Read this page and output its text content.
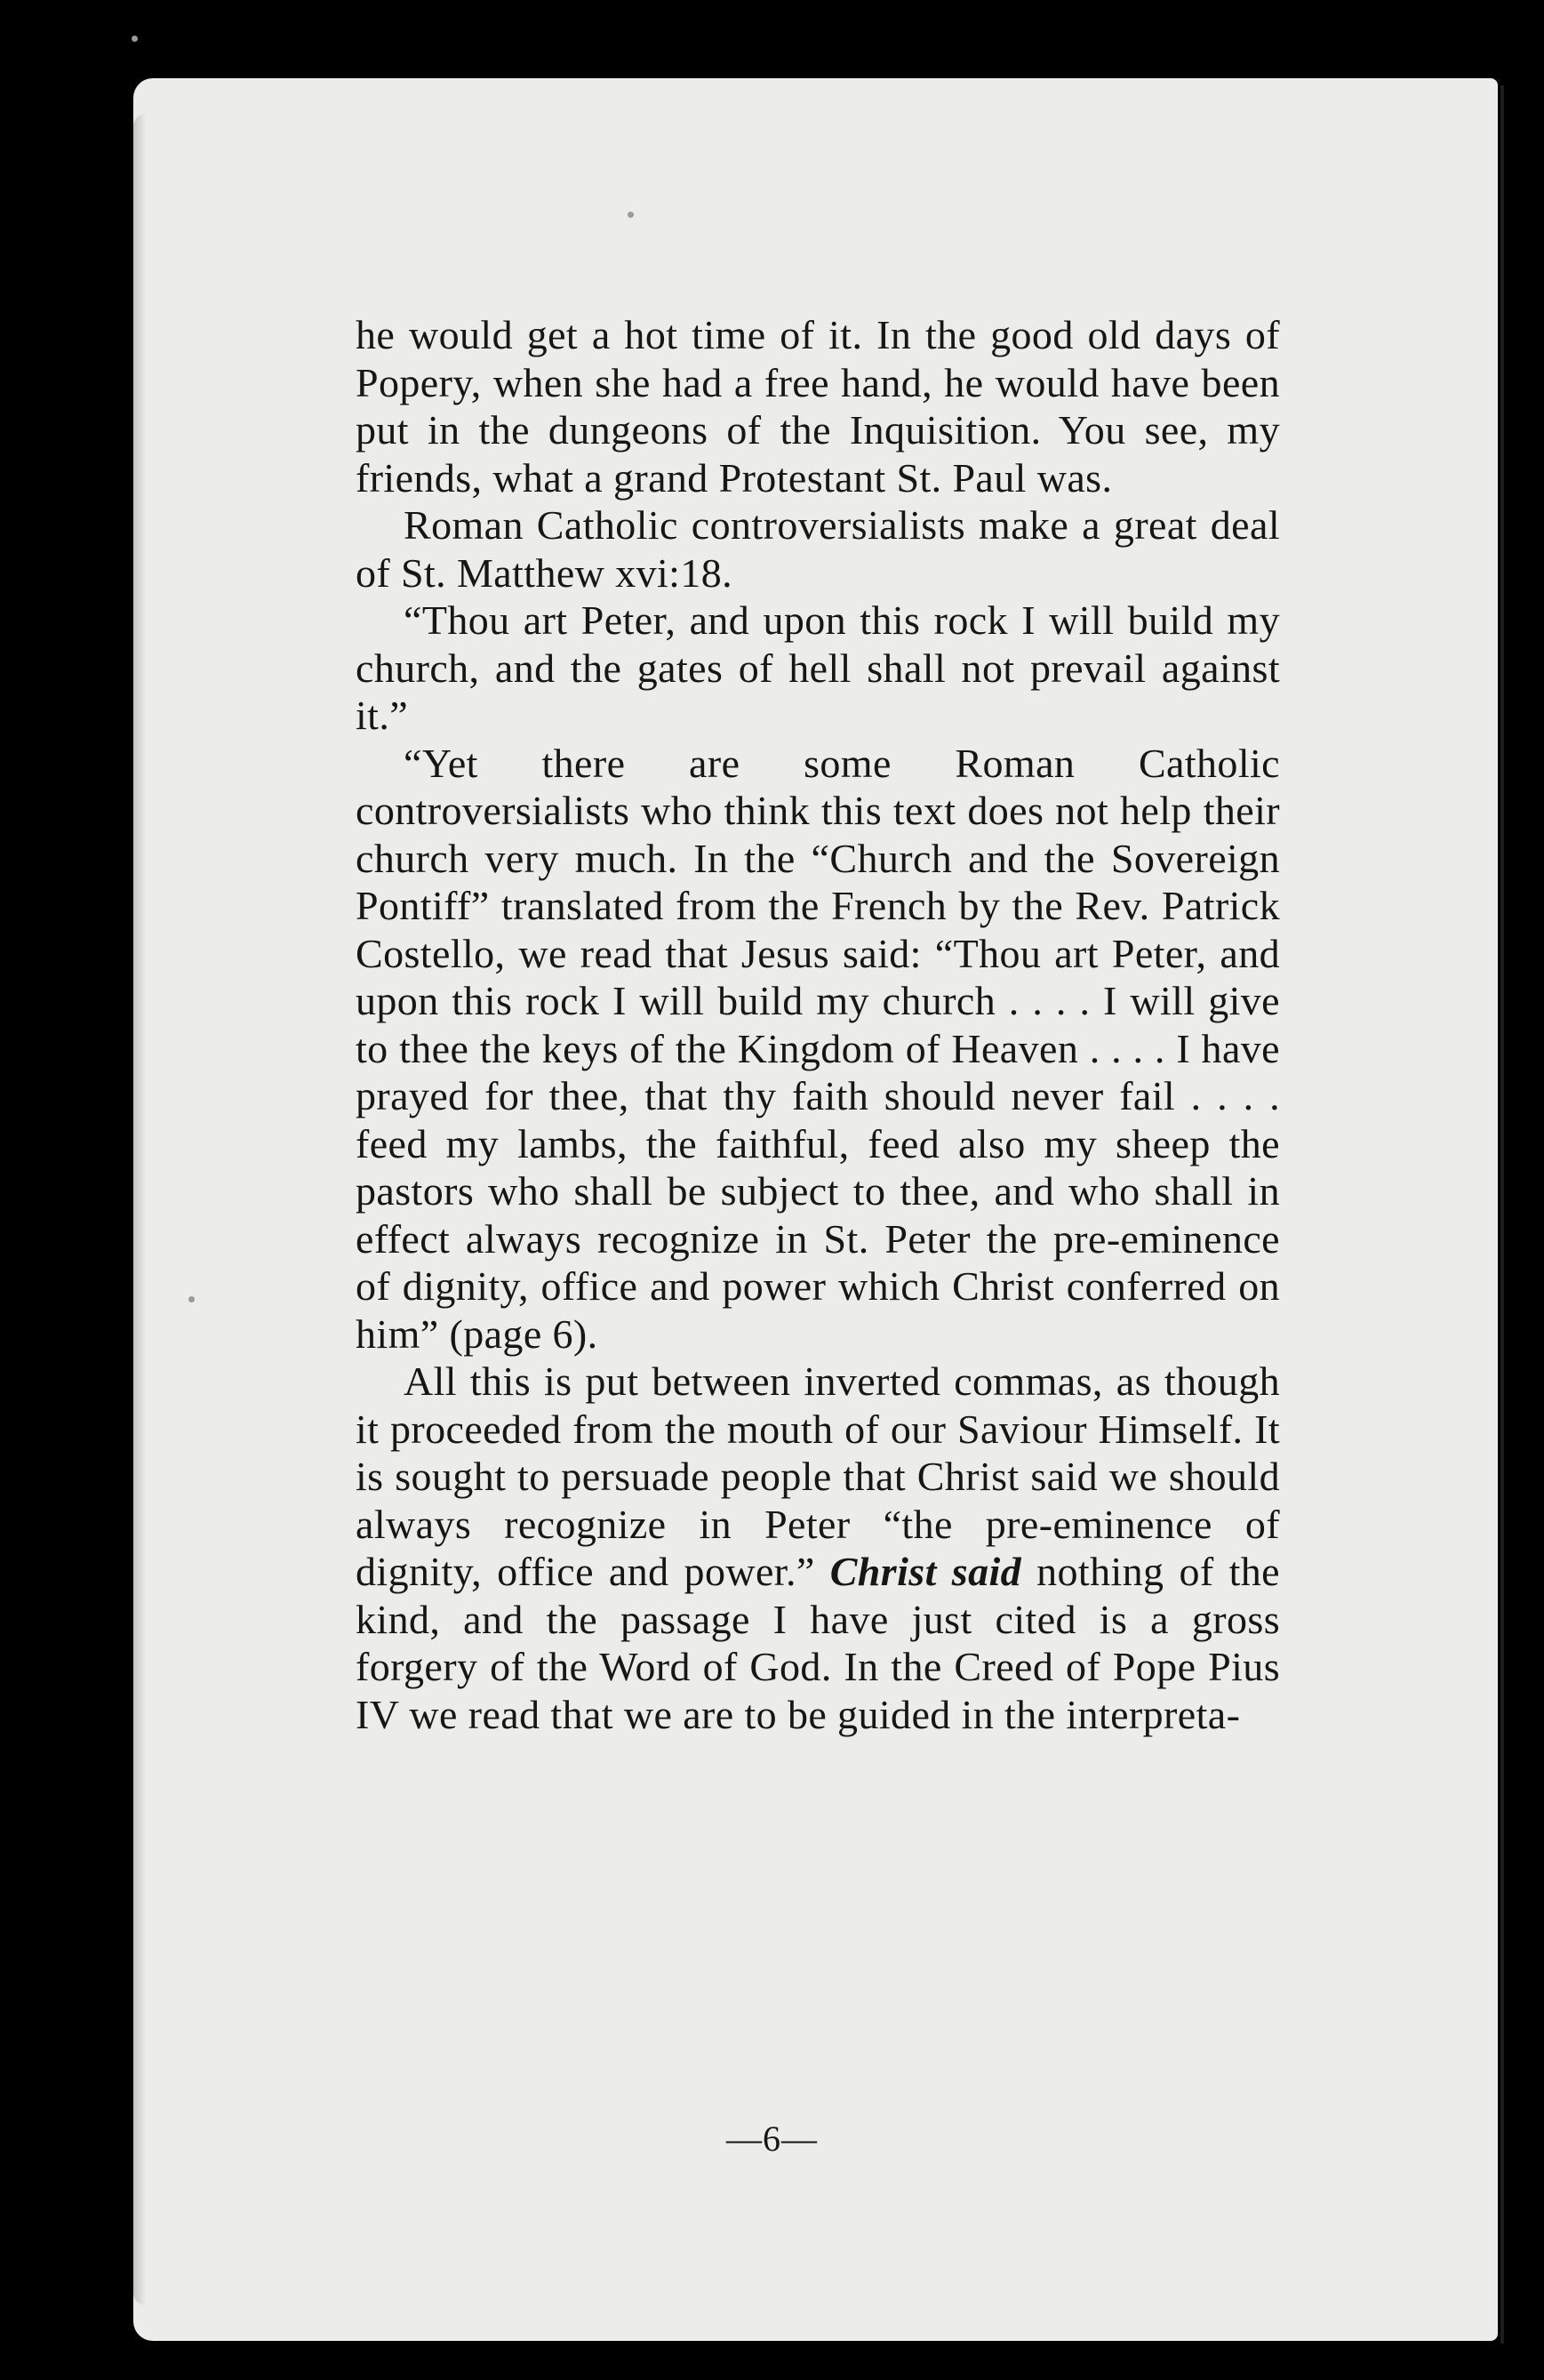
he would get a hot time of it. In the good old days of Popery, when she had a free hand, he would have been put in the dungeons of the Inquisition. You see, my friends, what a grand Protestant St. Paul was.

Roman Catholic controversialists make a great deal of St. Matthew xvi:18.

“Thou art Peter, and upon this rock I will build my church, and the gates of hell shall not prevail against it.”

“Yet there are some Roman Catholic controversialists who think this text does not help their church very much. In the “Church and the Sovereign Pontiff” translated from the French by the Rev. Patrick Costello, we read that Jesus said: “Thou art Peter, and upon this rock I will build my church . . . . I will give to thee the keys of the Kingdom of Heaven . . . . I have prayed for thee, that thy faith should never fail . . . . feed my lambs, the faithful, feed also my sheep the pastors who shall be subject to thee, and who shall in effect always recognize in St. Peter the pre-eminence of dignity, office and power which Christ conferred on him” (page 6).

All this is put between inverted commas, as though it proceeded from the mouth of our Saviour Himself. It is sought to persuade people that Christ said we should always recognize in Peter “the pre-eminence of dignity, office and power.” Christ said nothing of the kind, and the passage I have just cited is a gross forgery of the Word of God. In the Creed of Pope Pius IV we read that we are to be guided in the interpreta-

—6—
